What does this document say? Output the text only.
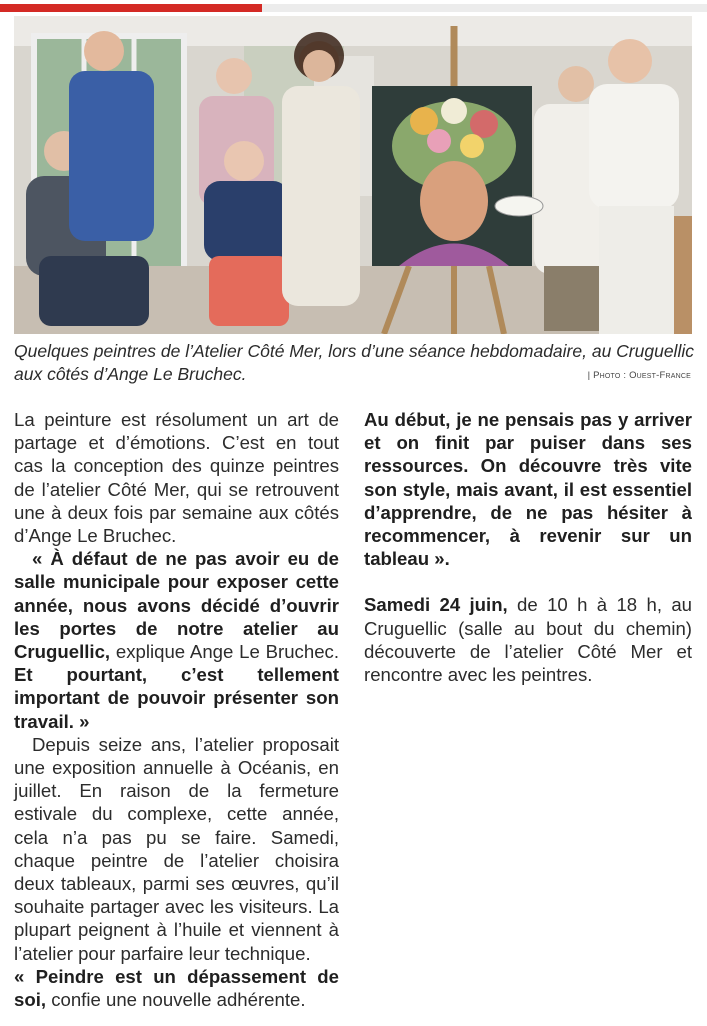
Quelques peintres de l’Atelier Côté Mer, lors d’une séance hebdomadaire, au Cruguellic aux côtés d’Ange Le Bruchec.	| Photo : Ouest-France

La peinture est résolument un art de partage et d’émotions. C’est en tout cas la conception des quinze peintres de l’atelier Côté Mer, qui se retrouvent une à deux fois par semaine aux côtés d’Ange Le Bruchec.

« À défaut de ne pas avoir eu de salle municipale pour exposer cette année, nous avons décidé d’ouvrir les portes de notre atelier au Cruguellic, explique Ange Le Bruchec. Et pourtant, c’est tellement important de pouvoir présenter son travail. »

Depuis seize ans, l’atelier proposait une exposition annuelle à Océanis, en juillet. En raison de la fermeture estivale du complexe, cette année, cela n’a pas pu se faire. Samedi, chaque peintre de l’atelier choisira deux tableaux, parmi ses œuvres, qu’il souhaite partager avec les visiteurs. La plupart peignent à l’huile et viennent à l’atelier pour parfaire leur technique.

« Peindre est un dépassement de soi, confie une nouvelle adhérente.

Au début, je ne pensais pas y arriver et on finit par puiser dans ses ressources. On découvre très vite son style, mais avant, il est essentiel d’apprendre, de ne pas hésiter à recommencer, à revenir sur un tableau ».

Samedi 24 juin, de 10 h à 18 h, au Cruguellic (salle au bout du chemin) découverte de l’atelier Côté Mer et rencontre avec les peintres.
